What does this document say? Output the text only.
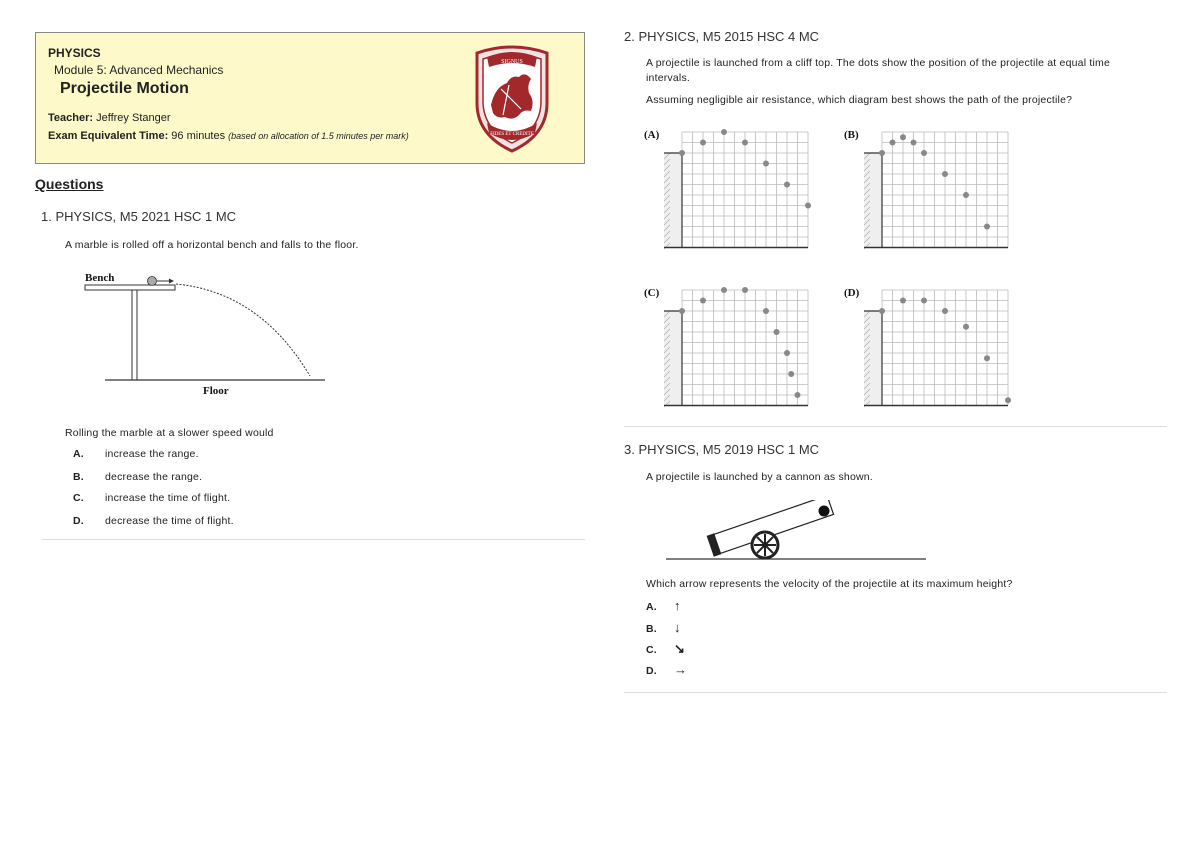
PHYSICS
Module 5: Advanced Mechanics
Projectile Motion
Teacher: Jeffrey Stanger
Exam Equivalent Time: 96 minutes (based on allocation of 1.5 minutes per mark)
SIGNUS
FIDES ET CREDITE
Questions
1. PHYSICS, M5 2021 HSC 1 MC
A marble is rolled off a horizontal bench and falls to the floor.
Bench
Floor
Rolling the marble at a slower speed would
A. increase the range.
B. decrease the range.
C. increase the time of flight.
D. decrease the time of flight.
2. PHYSICS, M5 2015 HSC 4 MC
A projectile is launched from a cliff top. The dots show the position of the projectile at equal time
intervals.
Assuming negligible air resistance, which diagram best shows the path of the projectile?
(A)	(B)
(C)	(D)
3. PHYSICS, M5 2019 HSC 1 MC
A projectile is launched by a cannon as shown.
Which arrow represents the velocity of the projectile at its maximum height?
A. ↑
B. ↓
C. ↘
D. →
